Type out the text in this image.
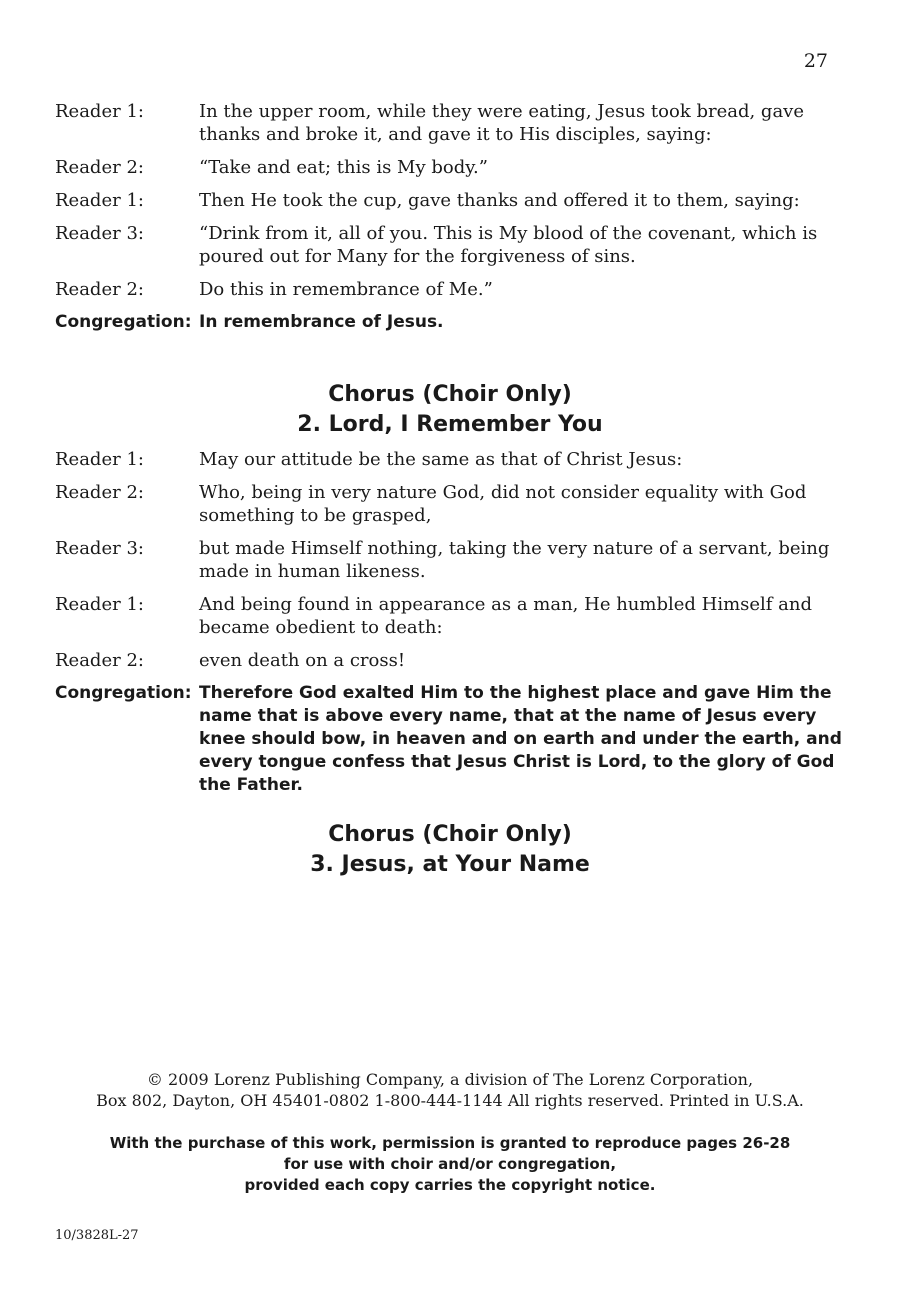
27
Reader 1:	In the upper room, while they were eating, Jesus took bread, gave thanks and broke it, and gave it to His disciples, saying:
Reader 2:	“Take and eat; this is My body.”
Reader 1:	Then He took the cup, gave thanks and offered it to them, saying:
Reader 3:	“Drink from it, all of you. This is My blood of the covenant, which is poured out for Many for the forgiveness of sins.
Reader 2:	Do this in remembrance of Me.”
Congregation: In remembrance of Jesus.
Chorus (Choir Only)
2. Lord, I Remember You
Reader 1:	May our attitude be the same as that of Christ Jesus:
Reader 2:	Who, being in very nature God, did not consider equality with God something to be grasped,
Reader 3:	but made Himself nothing, taking the very nature of a servant, being made in human likeness.
Reader 1:	And being found in appearance as a man, He humbled Himself and became obedient to death:
Reader 2:	even death on a cross!
Congregation: Therefore God exalted Him to the highest place and gave Him the name that is above every name, that at the name of Jesus every knee should bow, in heaven and on earth and under the earth, and every tongue confess that Jesus Christ is Lord, to the glory of God the Father.
Chorus (Choir Only)
3. Jesus, at Your Name
© 2009 Lorenz Publishing Company, a division of The Lorenz Corporation,
Box 802, Dayton, OH 45401-0802 1-800-444-1144 All rights reserved. Printed in U.S.A.
With the purchase of this work, permission is granted to reproduce pages 26-28
for use with choir and/or congregation,
provided each copy carries the copyright notice.
10/3828L-27
